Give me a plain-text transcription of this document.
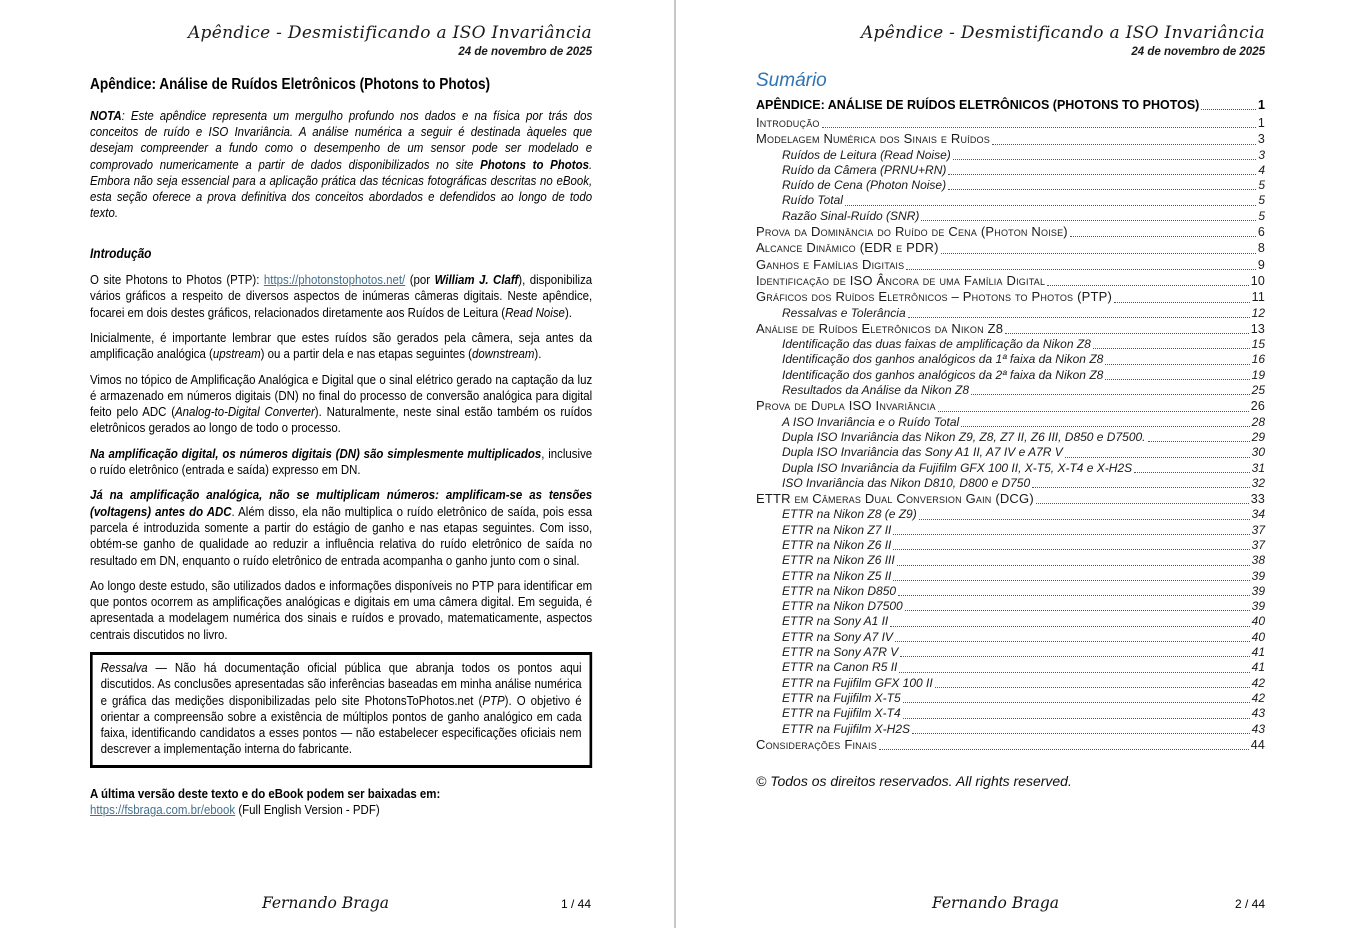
Apêndice - Desmistificando a ISO Invariância
24 de novembro de 2025
Apêndice: Análise de Ruídos Eletrônicos (Photons to Photos)

NOTA: Este apêndice representa um mergulho profundo nos dados e na física por trás dos conceitos de ruído e ISO Invariância. A análise numérica a seguir é destinada àqueles que desejam compreender a fundo como o desempenho de um sensor pode ser modelado e comprovado numericamente a partir de dados disponibilizados no site Photons to Photos. Embora não seja essencial para a aplicação prática das técnicas fotográficas descritas no eBook, esta seção oferece a prova definitiva dos conceitos abordados e defendidos ao longo de todo texto.

Introdução

O site Photons to Photos (PTP): https://photonstophotos.net/ (por William J. Claff), disponibiliza vários gráficos a respeito de diversos aspectos de inúmeras câmeras digitais. Neste apêndice, focarei em dois destes gráficos, relacionados diretamente aos Ruídos de Leitura (Read Noise).

Inicialmente, é importante lembrar que estes ruídos são gerados pela câmera, seja antes da amplificação analógica (upstream) ou a partir dela e nas etapas seguintes (downstream).

Vimos no tópico de Amplificação Analógica e Digital que o sinal elétrico gerado na captação da luz é armazenado em números digitais (DN) no final do processo de conversão analógica para digital feito pelo ADC (Analog-to-Digital Converter). Naturalmente, neste sinal estão também os ruídos eletrônicos gerados ao longo de todo o processo.

Na amplificação digital, os números digitais (DN) são simplesmente multiplicados, inclusive o ruído eletrônico (entrada e saída) expresso em DN.

Já na amplificação analógica, não se multiplicam números: amplificam-se as tensões (voltagens) antes do ADC. Além disso, ela não multiplica o ruído eletrônico de saída, pois essa parcela é introduzida somente a partir do estágio de ganho e nas etapas seguintes. Com isso, obtém-se ganho de qualidade ao reduzir a influência relativa do ruído eletrônico de saída no resultado em DN, enquanto o ruído eletrônico de entrada acompanha o ganho junto com o sinal.

Ao longo deste estudo, são utilizados dados e informações disponíveis no PTP para identificar em que pontos ocorrem as amplificações analógicas e digitais em uma câmera digital. Em seguida, é apresentada a modelagem numérica dos sinais e ruídos e provado, matematicamente, aspectos centrais discutidos no livro.

Ressalva — Não há documentação oficial pública que abranja todos os pontos aqui discutidos. As conclusões apresentadas são inferências baseadas em minha análise numérica e gráfica das medições disponibilizadas pelo site PhotonsToPhotos.net (PTP). O objetivo é orientar a compreensão sobre a existência de múltiplos pontos de ganho analógico em cada faixa, identificando candidatos a esses pontos — não estabelecer especificações oficiais nem descrever a implementação interna do fabricante.

A última versão deste texto e do eBook podem ser baixadas em:

https://fsbraga.com.br/ebook (Full English Version - PDF)

Fernando Braga	1 / 44
Apêndice - Desmistificando a ISO Invariância
24 de novembro de 2025
Sumário
APÊNDICE: ANÁLISE DE RUÍDOS ELETRÔNICOS (PHOTONS TO PHOTOS)	1
Introdução	1
Modelagem Numérica dos Sinais e Ruídos	3
Ruídos de Leitura (Read Noise)	3
Ruído da Câmera (PRNU+RN)	4
Ruído de Cena (Photon Noise)	5
Ruído Total	5
Razão Sinal-Ruído (SNR)	5
Prova da Dominância do Ruído de Cena (Photon Noise)	6
Alcance Dinâmico (EDR e PDR)	8
Ganhos e Famílias Digitais	9
Identificação de ISO Âncora de uma Família Digital	10
Gráficos dos Ruídos Eletrônicos – Photons to Photos (PTP)	11
Ressalvas e Tolerância	12
Análise de Ruídos Eletrônicos da Nikon Z8	13
Identificação das duas faixas de amplificação da Nikon Z8	15
Identificação dos ganhos analógicos da 1ª faixa da Nikon Z8	16
Identificação dos ganhos analógicos da 2ª faixa da Nikon Z8	19
Resultados da Análise da Nikon Z8	25
Prova de Dupla ISO Invariância	26
A ISO Invariância e o Ruído Total	28
Dupla ISO Invariância das Nikon Z9, Z8, Z7 II, Z6 III, D850 e D7500.	29
Dupla ISO Invariância das Sony A1 II, A7 IV e A7R V	30
Dupla ISO Invariância da Fujifilm GFX 100 II, X-T5, X-T4 e X-H2S	31
ISO Invariância das Nikon D810, D800 e D750	32
ETTR em Câmeras Dual Conversion Gain (DCG)	33
ETTR na Nikon Z8 (e Z9)	34
ETTR na Nikon Z7 II	37
ETTR na Nikon Z6 II	37
ETTR na Nikon Z6 III	38
ETTR na Nikon Z5 II	39
ETTR na Nikon D850	39
ETTR na Nikon D7500	39
ETTR na Sony A1 II	40
ETTR na Sony A7 IV	40
ETTR na Sony A7R V	41
ETTR na Canon R5 II	41
ETTR na Fujifilm GFX 100 II	42
ETTR na Fujifilm X-T5	42
ETTR na Fujifilm X-T4	43
ETTR na Fujifilm X-H2S	43
Considerações Finais	44

© Todos os direitos reservados. All rights reserved.

Fernando Braga	2 / 44
